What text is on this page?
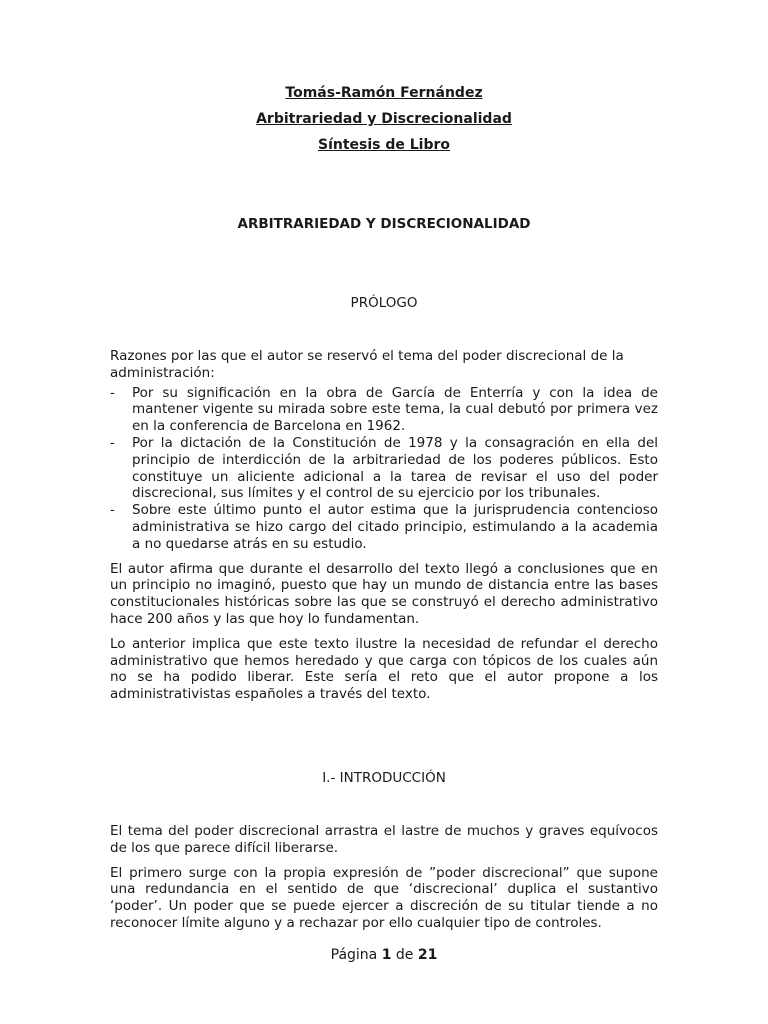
Tomás-Ramón Fernández
Arbitrariedad y Discrecionalidad
Síntesis de Libro
ARBITRARIEDAD Y DISCRECIONALIDAD
PRÓLOGO

Razones por las que el autor se reservó el tema del poder discrecional de la administración:

- Por su significación en la obra de García de Enterría y con la idea de mantener vigente su mirada sobre este tema, la cual debutó por primera vez en la conferencia de Barcelona en 1962.
- Por la dictación de la Constitución de 1978 y la consagración en ella del principio de interdicción de la arbitrariedad de los poderes públicos. Esto constituye un aliciente adicional a la tarea de revisar el uso del poder discrecional, sus límites y el control de su ejercicio por los tribunales.
- Sobre este último punto el autor estima que la jurisprudencia contencioso administrativa se hizo cargo del citado principio, estimulando a la academia a no quedarse atrás en su estudio.

El autor afirma que durante el desarrollo del texto llegó a conclusiones que en un principio no imaginó, puesto que hay un mundo de distancia entre las bases constitucionales históricas sobre las que se construyó el derecho administrativo hace 200 años y las que hoy lo fundamentan.

Lo anterior implica que este texto ilustre la necesidad de refundar el derecho administrativo que hemos heredado y que carga con tópicos de los cuales aún no se ha podido liberar. Este sería el reto que el autor propone a los administrativistas españoles a través del texto.

I.- INTRODUCCIÓN

El tema del poder discrecional arrastra el lastre de muchos y graves equívocos de los que parece difícil liberarse.

El primero surge con la propia expresión de ”poder discrecional” que supone una redundancia en el sentido de que ‘discrecional’ duplica el sustantivo ‘poder’. Un poder que se puede ejercer a discreción de su titular tiende a no reconocer límite alguno y a rechazar por ello cualquier tipo de controles.

Página 1 de 21
